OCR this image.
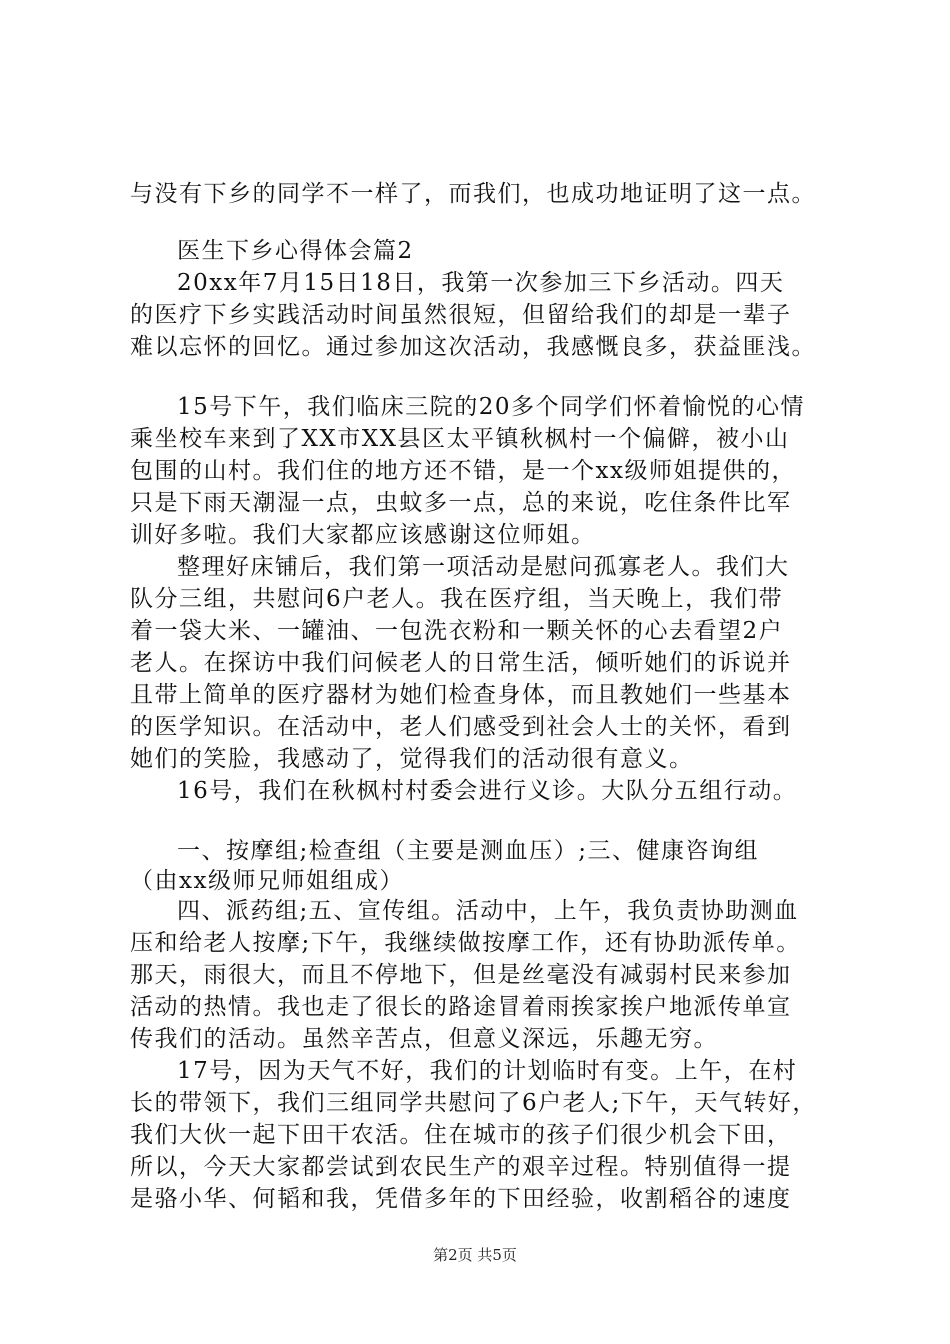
与没有下乡的同学不一样了，而我们，也成功地证明了这一点。
医生下乡心得体会篇2
20xx年7月15日18日，我第一次参加三下乡活动。四天
的医疗下乡实践活动时间虽然很短，但留给我们的却是一辈子
难以忘怀的回忆。通过参加这次活动，我感慨良多，获益匪浅。
15号下午，我们临床三院的20多个同学们怀着愉悦的心情
乘坐校车来到了XX市XX县区太平镇秋枫村一个偏僻，被小山
包围的山村。我们住的地方还不错，是一个xx级师姐提供的，
只是下雨天潮湿一点，虫蚊多一点，总的来说，吃住条件比军
训好多啦。我们大家都应该感谢这位师姐。
整理好床铺后，我们第一项活动是慰问孤寡老人。我们大
队分三组，共慰问6户老人。我在医疗组，当天晚上，我们带
着一袋大米、一罐油、一包洗衣粉和一颗关怀的心去看望2户
老人。在探访中我们问候老人的日常生活，倾听她们的诉说并
且带上简单的医疗器材为她们检查身体，而且教她们一些基本
的医学知识。在活动中，老人们感受到社会人士的关怀，看到
她们的笑脸，我感动了，觉得我们的活动很有意义。
16号，我们在秋枫村村委会进行义诊。大队分五组行动。
一、按摩组;检查组（主要是测血压）;三、健康咨询组
（由xx级师兄师姐组成）
四、派药组;五、宣传组。活动中，上午，我负责协助测血
压和给老人按摩;下午，我继续做按摩工作，还有协助派传单。
那天，雨很大，而且不停地下，但是丝毫没有减弱村民来参加
活动的热情。我也走了很长的路途冒着雨挨家挨户地派传单宣
传我们的活动。虽然辛苦点，但意义深远，乐趣无穷。
17号，因为天气不好，我们的计划临时有变。上午，在村
长的带领下，我们三组同学共慰问了6户老人;下午，天气转好，
我们大伙一起下田干农活。住在城市的孩子们很少机会下田，
所以，今天大家都尝试到农民生产的艰辛过程。特别值得一提
是骆小华、何韬和我，凭借多年的下田经验，收割稻谷的速度
第2页 共5页
